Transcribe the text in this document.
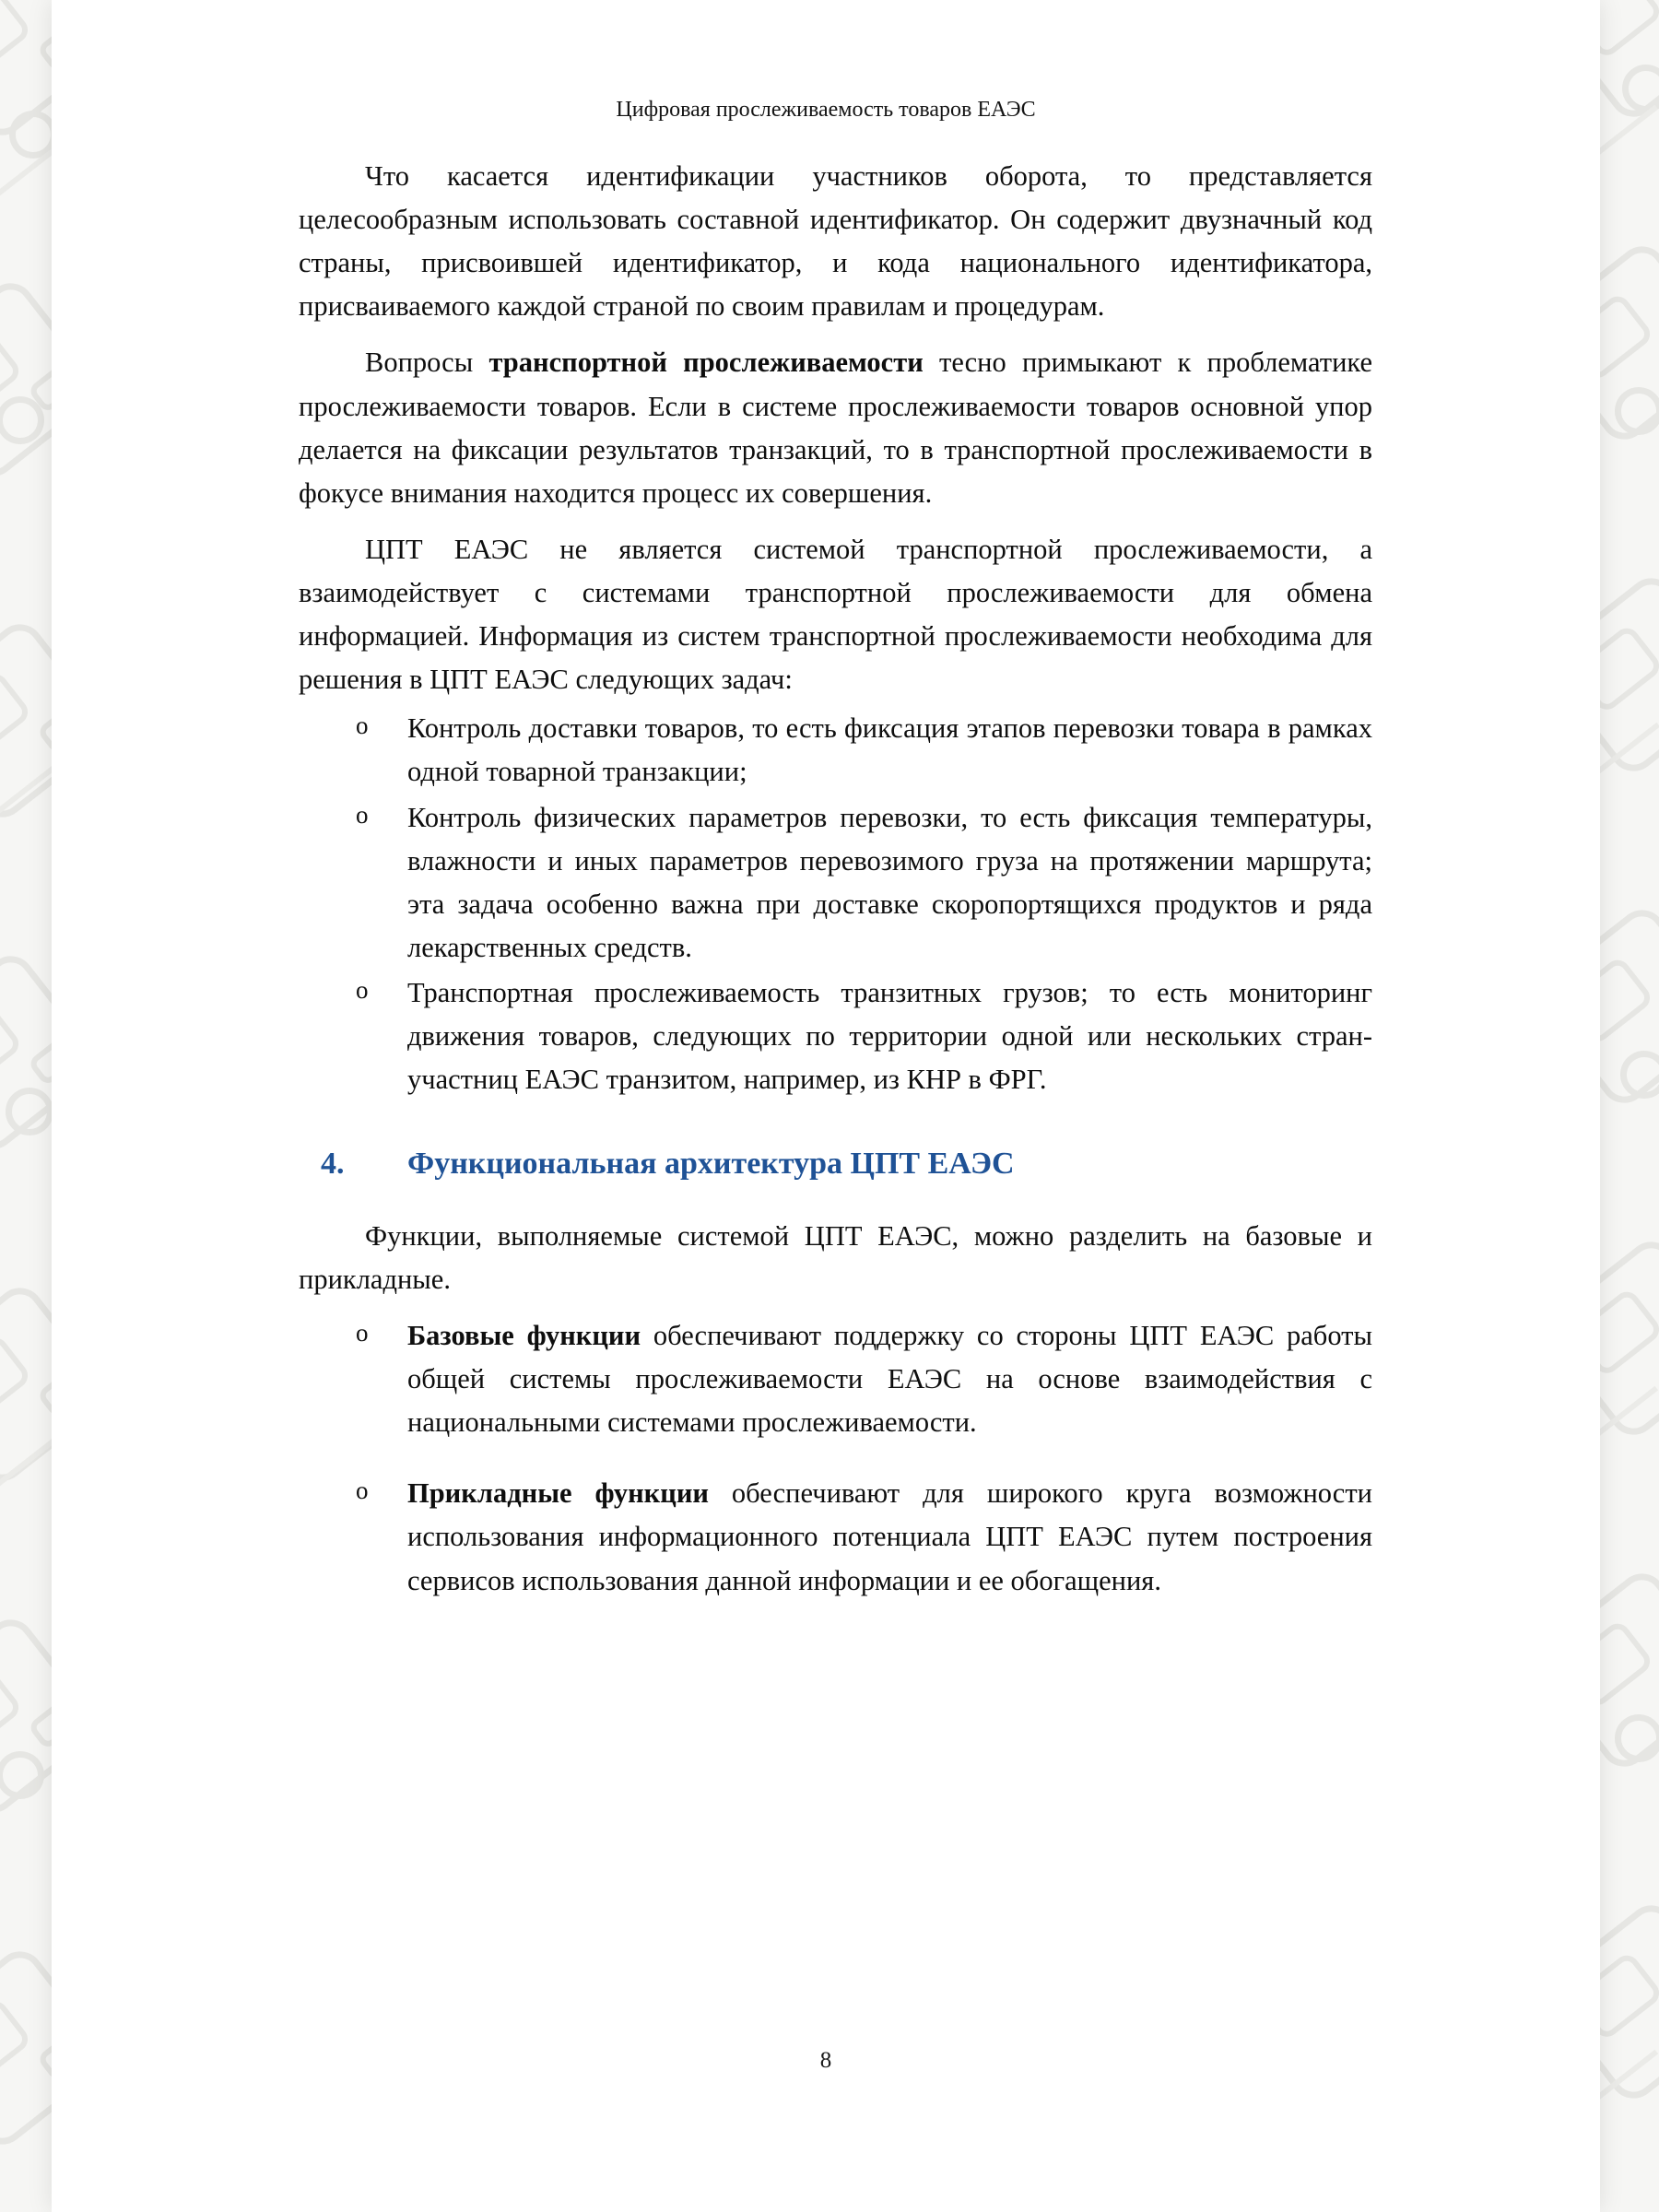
Цифровая прослеживаемость товаров ЕАЭС

Что касается идентификации участников оборота, то представляется целесообразным использовать составной идентификатор. Он содержит двузначный код страны, присвоившей идентификатор, и кода национального идентификатора, присваиваемого каждой страной по своим правилам и процедурам.

Вопросы транспортной прослеживаемости тесно примыкают к проблематике прослеживаемости товаров. Если в системе прослеживаемости товаров основной упор делается на фиксации результатов транзакций, то в транспортной прослеживаемости в фокусе внимания находится процесс их совершения.

ЦПТ ЕАЭС не является системой транспортной прослеживаемости, а взаимодействует с системами транспортной прослеживаемости для обмена информацией. Информация из систем транспортной прослеживаемости необходима для решения в ЦПТ ЕАЭС следующих задач:

o Контроль доставки товаров, то есть фиксация этапов перевозки товара в рамках одной товарной транзакции;
o Контроль физических параметров перевозки, то есть фиксация температуры, влажности и иных параметров перевозимого груза на протяжении маршрута; эта задача особенно важна при доставке скоропортящихся продуктов и ряда лекарственных средств.
o Транспортная прослеживаемость транзитных грузов; то есть мониторинг движения товаров, следующих по территории одной или нескольких стран-участниц ЕАЭС транзитом, например, из КНР в ФРГ.
4. Функциональная архитектура ЦПТ ЕАЭС

Функции, выполняемые системой ЦПТ ЕАЭС, можно разделить на базовые и прикладные.

o Базовые функции обеспечивают поддержку со стороны ЦПТ ЕАЭС работы общей системы прослеживаемости ЕАЭС на основе взаимодействия с национальными системами прослеживаемости.
o Прикладные функции обеспечивают для широкого круга возможности использования информационного потенциала ЦПТ ЕАЭС путем построения сервисов использования данной информации и ее обогащения.
8
